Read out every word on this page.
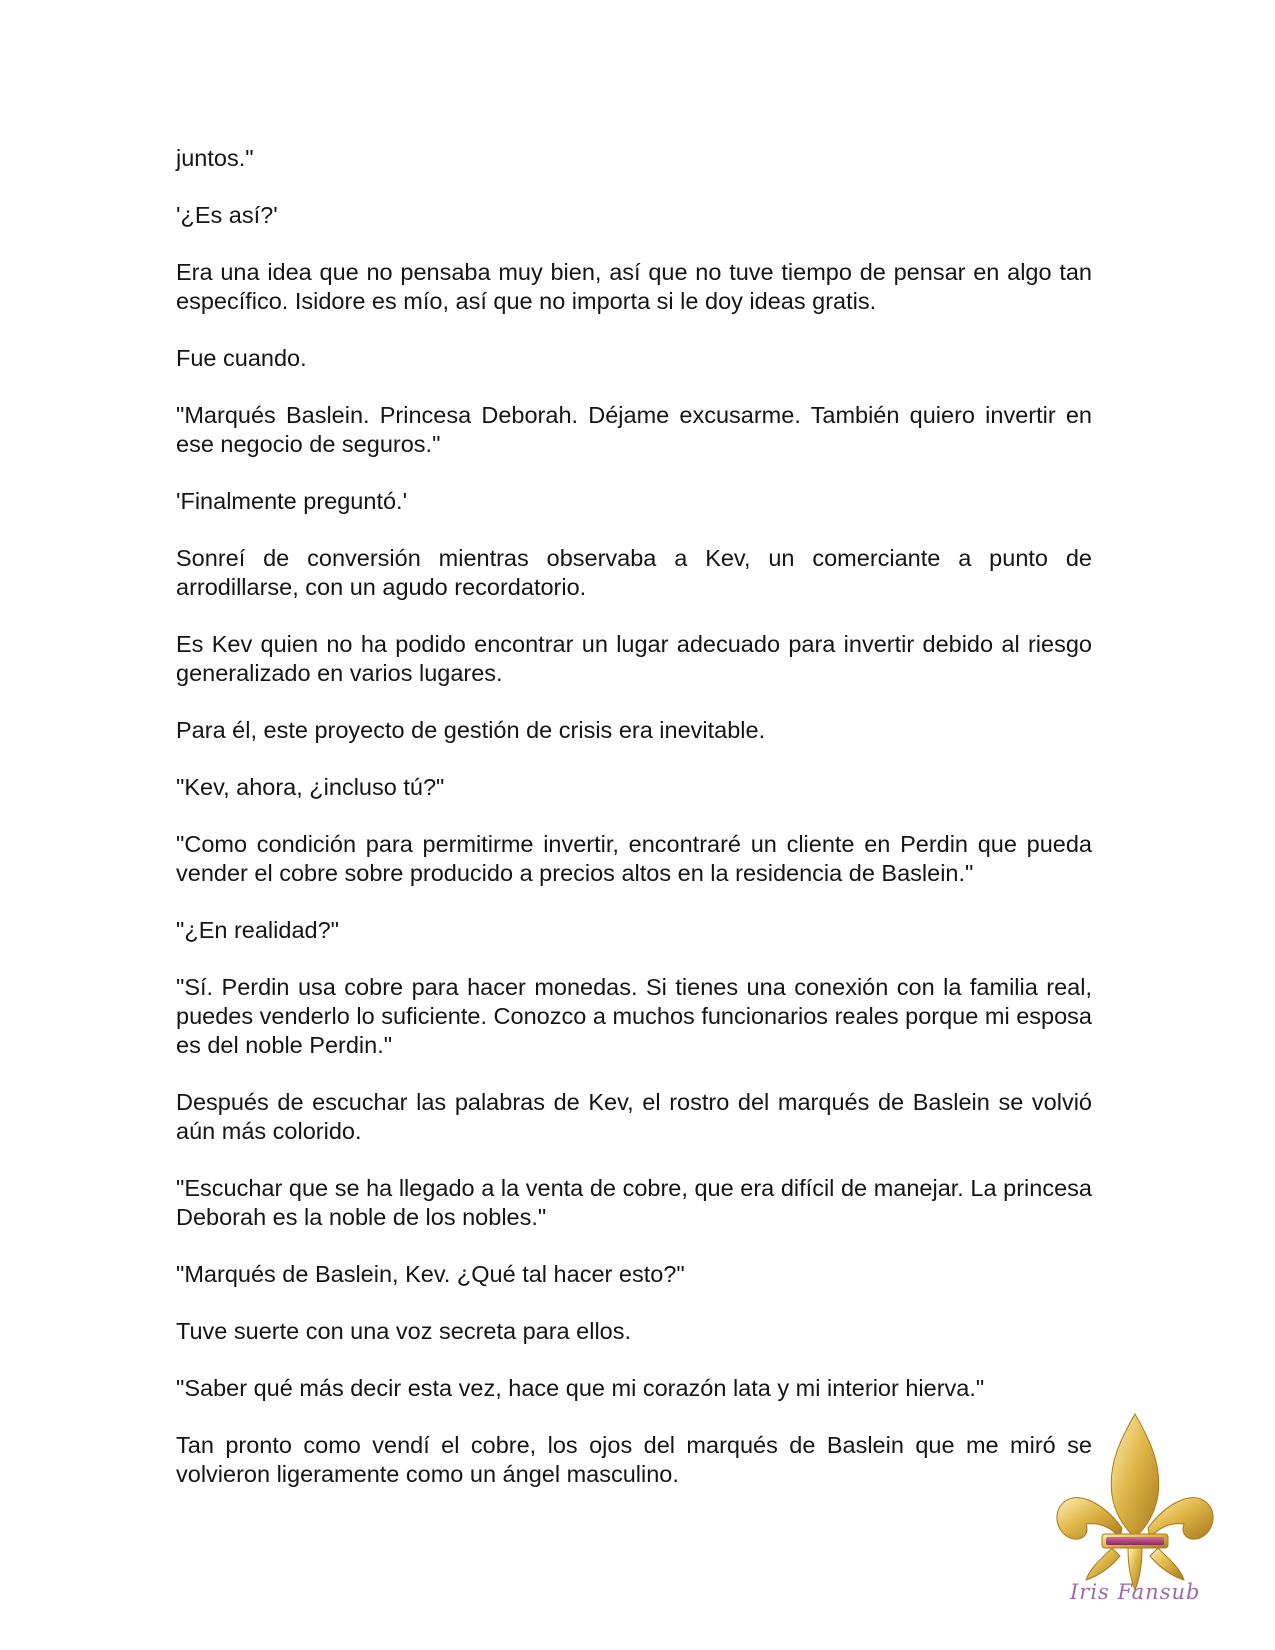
juntos."

'¿Es así?'

Era una idea que no pensaba muy bien, así que no tuve tiempo de pensar en algo tan específico. Isidore es mío, así que no importa si le doy ideas gratis.

Fue cuando.

"Marqués Baslein. Princesa Deborah. Déjame excusarme. También quiero invertir en ese negocio de seguros."

'Finalmente preguntó.'

Sonreí de conversión mientras observaba a Kev, un comerciante a punto de arrodillarse, con un agudo recordatorio.

Es Kev quien no ha podido encontrar un lugar adecuado para invertir debido al riesgo generalizado en varios lugares.

Para él, este proyecto de gestión de crisis era inevitable.

"Kev, ahora, ¿incluso tú?"

"Como condición para permitirme invertir, encontraré un cliente en Perdin que pueda vender el cobre sobre producido a precios altos en la residencia de Baslein."

"¿En realidad?"

"Sí. Perdin usa cobre para hacer monedas. Si tienes una conexión con la familia real, puedes venderlo lo suficiente. Conozco a muchos funcionarios reales porque mi esposa es del noble Perdin."

Después de escuchar las palabras de Kev, el rostro del marqués de Baslein se volvió aún más colorido.

"Escuchar que se ha llegado a la venta de cobre, que era difícil de manejar. La princesa Deborah es la noble de los nobles."

"Marqués de Baslein, Kev. ¿Qué tal hacer esto?"

Tuve suerte con una voz secreta para ellos.

"Saber qué más decir esta vez, hace que mi corazón lata y mi interior hierva."

Tan pronto como vendí el cobre, los ojos del marqués de Baslein que me miró se volvieron ligeramente como un ángel masculino.

Iris Fansub
